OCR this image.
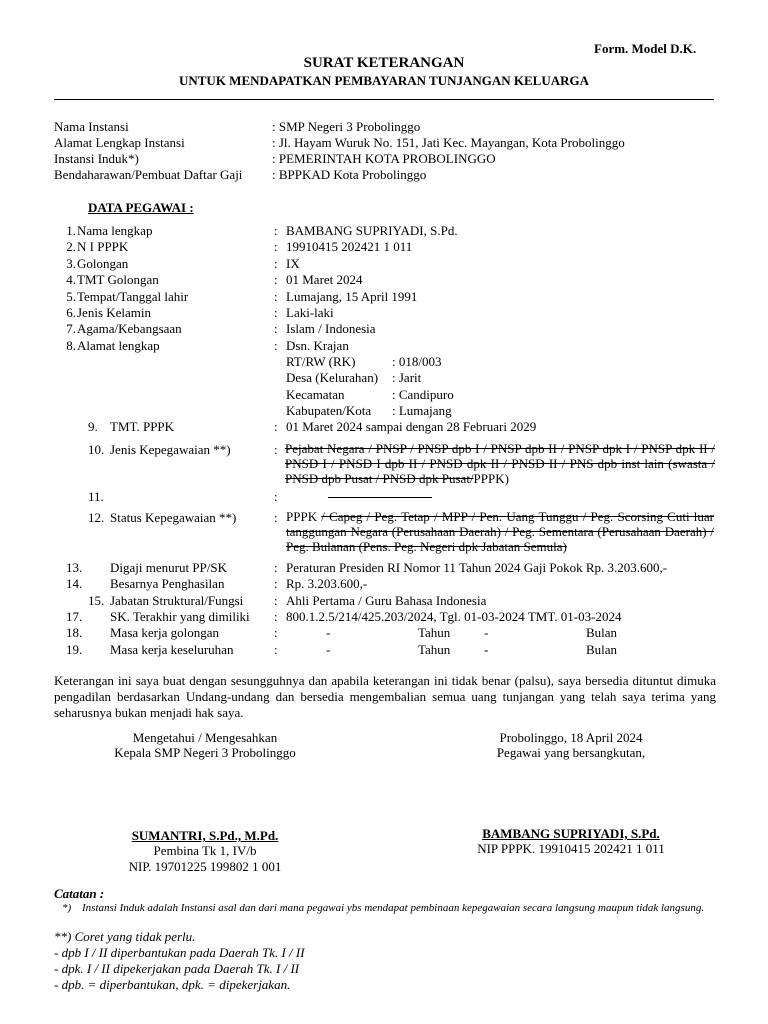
Form. Model D.K.
SURAT KETERANGAN
UNTUK MENDAPATKAN PEMBAYARAN TUNJANGAN KELUARGA
Nama Instansi	: SMP Negeri 3 Probolinggo
Alamat Lengkap Instansi	: Jl. Hayam Wuruk No. 151, Jati Kec. Mayangan, Kota Probolinggo
Instansi Induk*)	: PEMERINTAH KOTA PROBOLINGGO
Bendaharawan/Pembuat Daftar Gaji : BPPKAD Kota Probolinggo
DATA PEGAWAI :
1. Nama lengkap	: BAMBANG SUPRIYADI, S.Pd.
2. N I PPPK	: 19910415 202421 1 011
3. Golongan	: IX
4. TMT Golongan	: 01 Maret 2024
5. Tempat/Tanggal lahir	: Lumajang, 15 April 1991
6. Jenis Kelamin	: Laki-laki
7. Agama/Kebangsaan	: Islam / Indonesia
8. Alamat lengkap	: Dsn. Krajan
RT/RW (RK)	: 018/003
Desa (Kelurahan) : Jarit
Kecamatan	: Candipuro
Kabupaten/Kota : Lumajang
9. TMT. PPPK	: 01 Maret 2024 sampai dengan 28 Februari 2029
10. Jenis Kepegawaian **)	: Pejabat Negara / PNSP / PNSP dpb I / PNSP dpb II / PNSP dpk I / PNSP dpk II / PNSD I / PNSD I dpb II / PNSD dpk II / PNSD II / PNS dpb inst lain (swasta / PNSD dpb Pusat / PNSD dpk Pusat/PPPK)
11.	:
12. Status Kepegawaian **)	: PPPK / Capeg / Peg. Tetap / MPP / Pen. Uang Tunggu / Peg. Scorsing Cuti luar tanggungan Negara (Perusahaan Daerah) / Peg. Sementara (Perusahaan Daerah) / Peg. Bulanan (Pens. Peg. Negeri dpk Jabatan Semula)
13. Digaji menurut PP/SK	: Peraturan Presiden RI Nomor 11 Tahun 2024 Gaji Pokok Rp. 3.203.600,-
14. Besarnya Penghasilan	: Rp. 3.203.600,-
15. Jabatan Struktural/Fungsi : Ahli Pertama / Guru Bahasa Indonesia
17. SK. Terakhir yang dimiliki : 800.1.2.5/214/425.203/2024, Tgl. 01-03-2024 TMT. 01-03-2024
18. Masa kerja golongan	:	-	Tahun	-	Bulan
19. Masa kerja keseluruhan	:	-	Tahun	-	Bulan
Keterangan ini saya buat dengan sesungguhnya dan apabila keterangan ini tidak benar (palsu), saya bersedia dituntut dimuka pengadilan berdasarkan Undang-undang dan bersedia mengembalian semua uang tunjangan yang telah saya terima yang seharusnya bukan menjadi hak saya.
Mengetahui / Mengesahkan
Kepala SMP Negeri 3 Probolinggo
Probolinggo, 18 April 2024
Pegawai yang bersangkutan,
SUMANTRI, S.Pd., M.Pd.
Pembina Tk 1, IV/b
NIP. 19701225 199802 1 001
BAMBANG SUPRIYADI, S.Pd.
NIP PPPK. 19910415 202421 1 011
Catatan :
*) Instansi Induk adalah Instansi asal dan dari mana pegawai ybs mendapat pembinaan kepegawaian secara langsung maupun tidak langsung.
**) Coret yang tidak perlu.
- dpb I / II diperbantukan pada Daerah Tk. I / II
- dpk. I / II dipekerjakan pada Daerah Tk. I / II
- dpb. = diperbantukan, dpk. = dipekerjakan.
